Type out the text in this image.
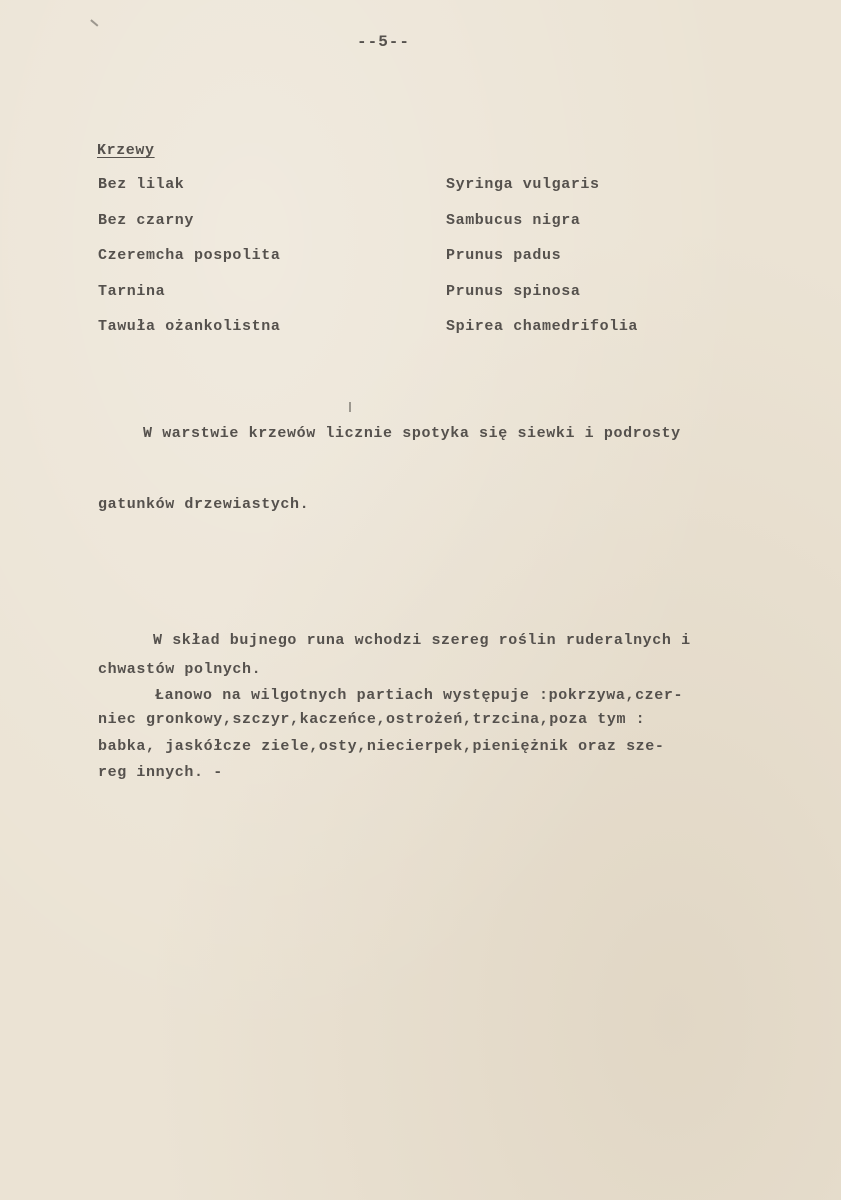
--5--
Krzewy
Bez lilak	Syringa vulgaris
Bez czarny	Sambucus nigra
Czeremcha pospolita	Prunus padus
Tarnina	Prunus spinosa
Tawuła ożankolistna	Spirea chamedrifolia
W warstwie krzewów licznie spotyka się siewki i podrosty
gatunków drzewiastych.
W skład bujnego runa wchodzi szereg roślin ruderalnych i
chwastów polnych.
Łanowo na wilgotnych partiach występuje :pokrzywa,czer-
niec gronkowy,szczyr,kaczeńce,ostrożeń,trzcina,poza tym :
babka, jaskółcze ziele,osty,niecierpek,pieniężnik oraz sze-
reg innych. -
